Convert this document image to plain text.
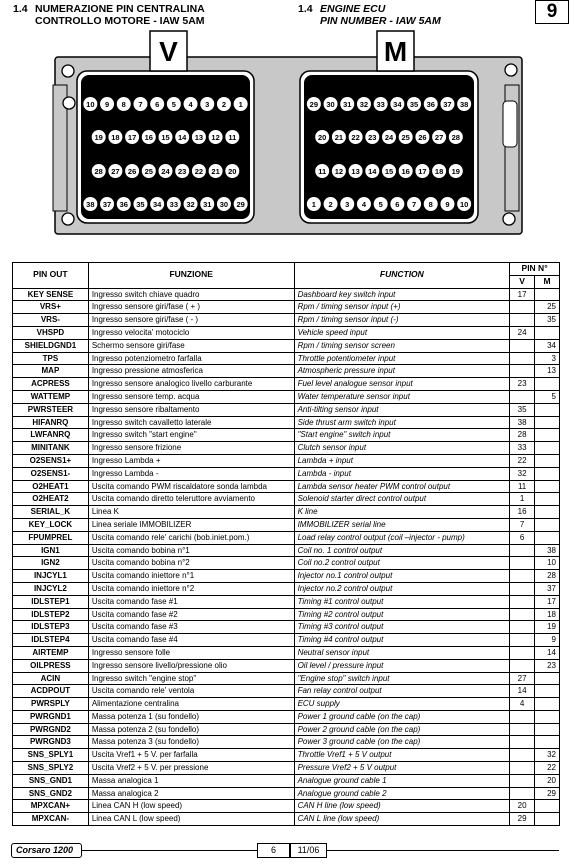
1.4 NUMERAZIONE PIN CENTRALINA
CONTROLLO MOTORE - IAW 5AM
1.4 ENGINE ECU
PIN NUMBER - IAW 5AM	9
V	M
10 9 8 7 6 5 4 3 2 1
19 18 17 16 15 14 13 12 11
28 27 26 25 24 23 22 21 20
38 37 36 35 34 33 32 31 30 29
29 30 31 32 33 34 35 36 37 38
20 21 22 23 24 25 26 27 28
11 12 13 14 15 16 17 18 19
1 2 3 4 5 6 7 8 9 10
PIN OUT	FUNZIONE	FUNCTION	PIN N°	
			V	M
KEY SENSE	Ingresso switch chiave quadro	Dashboard key switch input	17	
VRS+	Ingresso sensore giri/fase ( + )	Rpm / timing sensor input (+)		25
VRS-	Ingresso sensore giri/fase ( - )	Rpm / timing sensor input (-)		35
VHSPD	Ingresso velocita' motociclo	Vehicle speed input	24	
SHIELDGND1	Schermo sensore giri/fase	Rpm / timing sensor screen		34
TPS	Ingresso potenziometro farfalla	Throttle potentiometer input		3
MAP	Ingresso pressione atmosferica	Atmospheric pressure input		13
ACPRESS	Ingresso sensore analogico livello carburante	Fuel level analogue sensor input	23	
WATTEMP	Ingresso sensore temp. acqua	Water temperature sensor input		5
PWRSTEER	Ingresso sensore ribaltamento	Anti-tilting sensor input	35	
HIFANRQ	Ingresso switch cavalletto laterale	Side thrust arm switch input	38	
LWFANRQ	Ingresso switch "start engine"	"Start engine" switch input	28	
MINITANK	Ingresso sensore frizione	Clutch sensor input	33	
O2SENS1+	Ingresso Lambda +	Lambda + input	22	
O2SENS1-	Ingresso Lambda -	Lambda - input	32	
O2HEAT1	Uscita comando PWM riscaldatore sonda lambda	Lambda sensor heater PWM control output	11	
O2HEAT2	Uscita comando diretto teleruttore avviamento	Solenoid starter direct control output	1	
SERIAL_K	Linea K	K line	16	
KEY_LOCK	Linea seriale IMMOBILIZER	IMMOBILIZER serial line	7	
FPUMPREL	Uscita comando rele' carichi (bob.iniet.pom.)	Load relay control output (coil –injector - pump)	6	
IGN1	Uscita comando bobina n°1	Coil no. 1 control output		38
IGN2	Uscita comando bobina n°2	Coil no.2 control output		10
INJCYL1	Uscita comando iniettore n°1	Injector no.1 control output		28
INJCYL2	Uscita comando iniettore n°2	Injector no.2 control output		37
IDLSTEP1	Uscita comando fase #1	Timing #1 control output		17
IDLSTEP2	Uscita comando fase #2	Timing #2 control output		18
IDLSTEP3	Uscita comando fase #3	Timing #3 control output		19
IDLSTEP4	Uscita comando fase #4	Timing #4 control output		9
AIRTEMP	Ingresso sensore folle	Neutral sensor input		14
OILPRESS	Ingresso sensore livello/pressione olio	Oil level / pressure input		23
ACIN	Ingresso switch "engine stop"	"Engine stop" switch input	27	
ACDPOUT	Uscita comando rele' ventola	Fan relay control output	14	
PWRSPLY	Alimentazione centralina	ECU supply	4	
PWRGND1	Massa potenza 1 (su fondello)	Power 1 ground cable (on the cap)		
PWRGND2	Massa potenza 2 (su fondello)	Power 2 ground cable (on the cap)		
PWRGND3	Massa potenza 3 (su fondello)	Power 3 ground cable (on the cap)		
SNS_SPLY1	Uscita Vref1 + 5 V. per farfalla	Throttle Vref1 + 5 V output		32
SNS_SPLY2	Uscita Vref2 + 5 V. per pressione	Pressure Vref2 + 5 V output		22
SNS_GND1	Massa analogica 1	Analogue ground cable 1		20
SNS_GND2	Massa analogica 2	Analogue ground cable 2		29
MPXCAN+	Linea CAN H (low speed)	CAN H line (low speed)	20	
MPXCAN-	Linea CAN L (low speed)	CAN L line (low speed)	29	
Corsaro 1200	6	11/06
